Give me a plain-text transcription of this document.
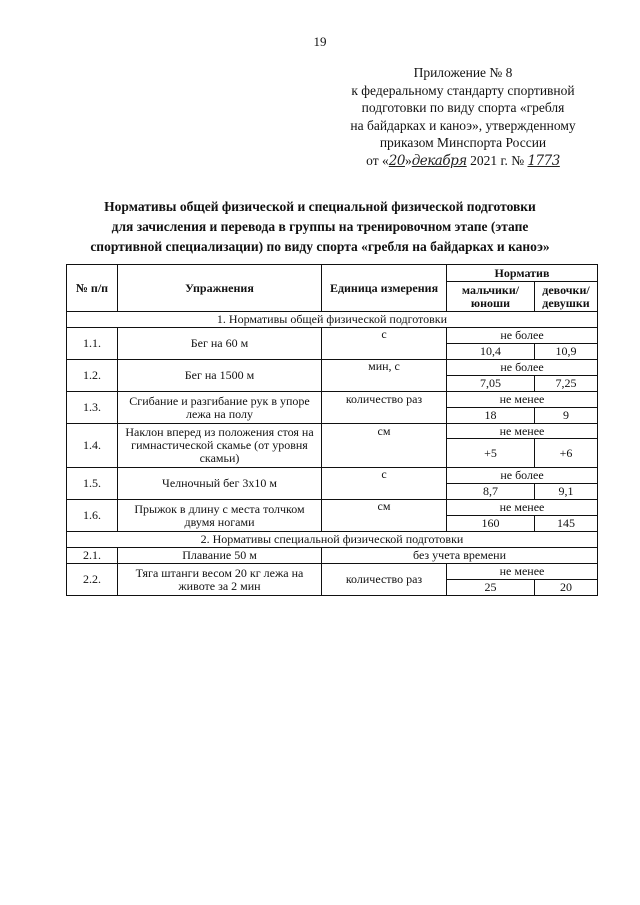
19
Приложение № 8
к федеральному стандарту спортивной
подготовки по виду спорта «гребля
на байдарках и каноэ», утвержденному
приказом Минспорта России
от «20»декабря 2021 г. № 1773
Нормативы общей физической и специальной физической подготовки
для зачисления и перевода в группы на тренировочном этапе (этапе
спортивной специализации) по виду спорта «гребля на байдарках и каноэ»
№ п/п	Упражнения	Единица измерения	Норматив	
			мальчики/ юноши	девочки/ девушки
1. Нормативы общей физической подготовки				
1.1.	Бег на 60 м	с	не более	
			10,4	10,9
1.2.	Бег на 1500 м	мин, с	не более	
			7,05	7,25
1.3.	Сгибание и разгибание рук в упоре лежа на полу	количество раз	не менее	
			18	9
1.4.	Наклон вперед из положения стоя на гимнастической скамье (от уровня скамьи)	см	не менее	
			+5	+6
1.5.	Челночный бег 3х10 м	с	не более	
			8,7	9,1
1.6.	Прыжок в длину с места толчком двумя ногами	см	не менее	
			160	145
2. Нормативы специальной физической подготовки				
2.1.	Плавание 50 м	без учета времени		
2.2.	Тяга штанги весом 20 кг лежа на животе за 2 мин	количество раз	не менее	
			25	20
